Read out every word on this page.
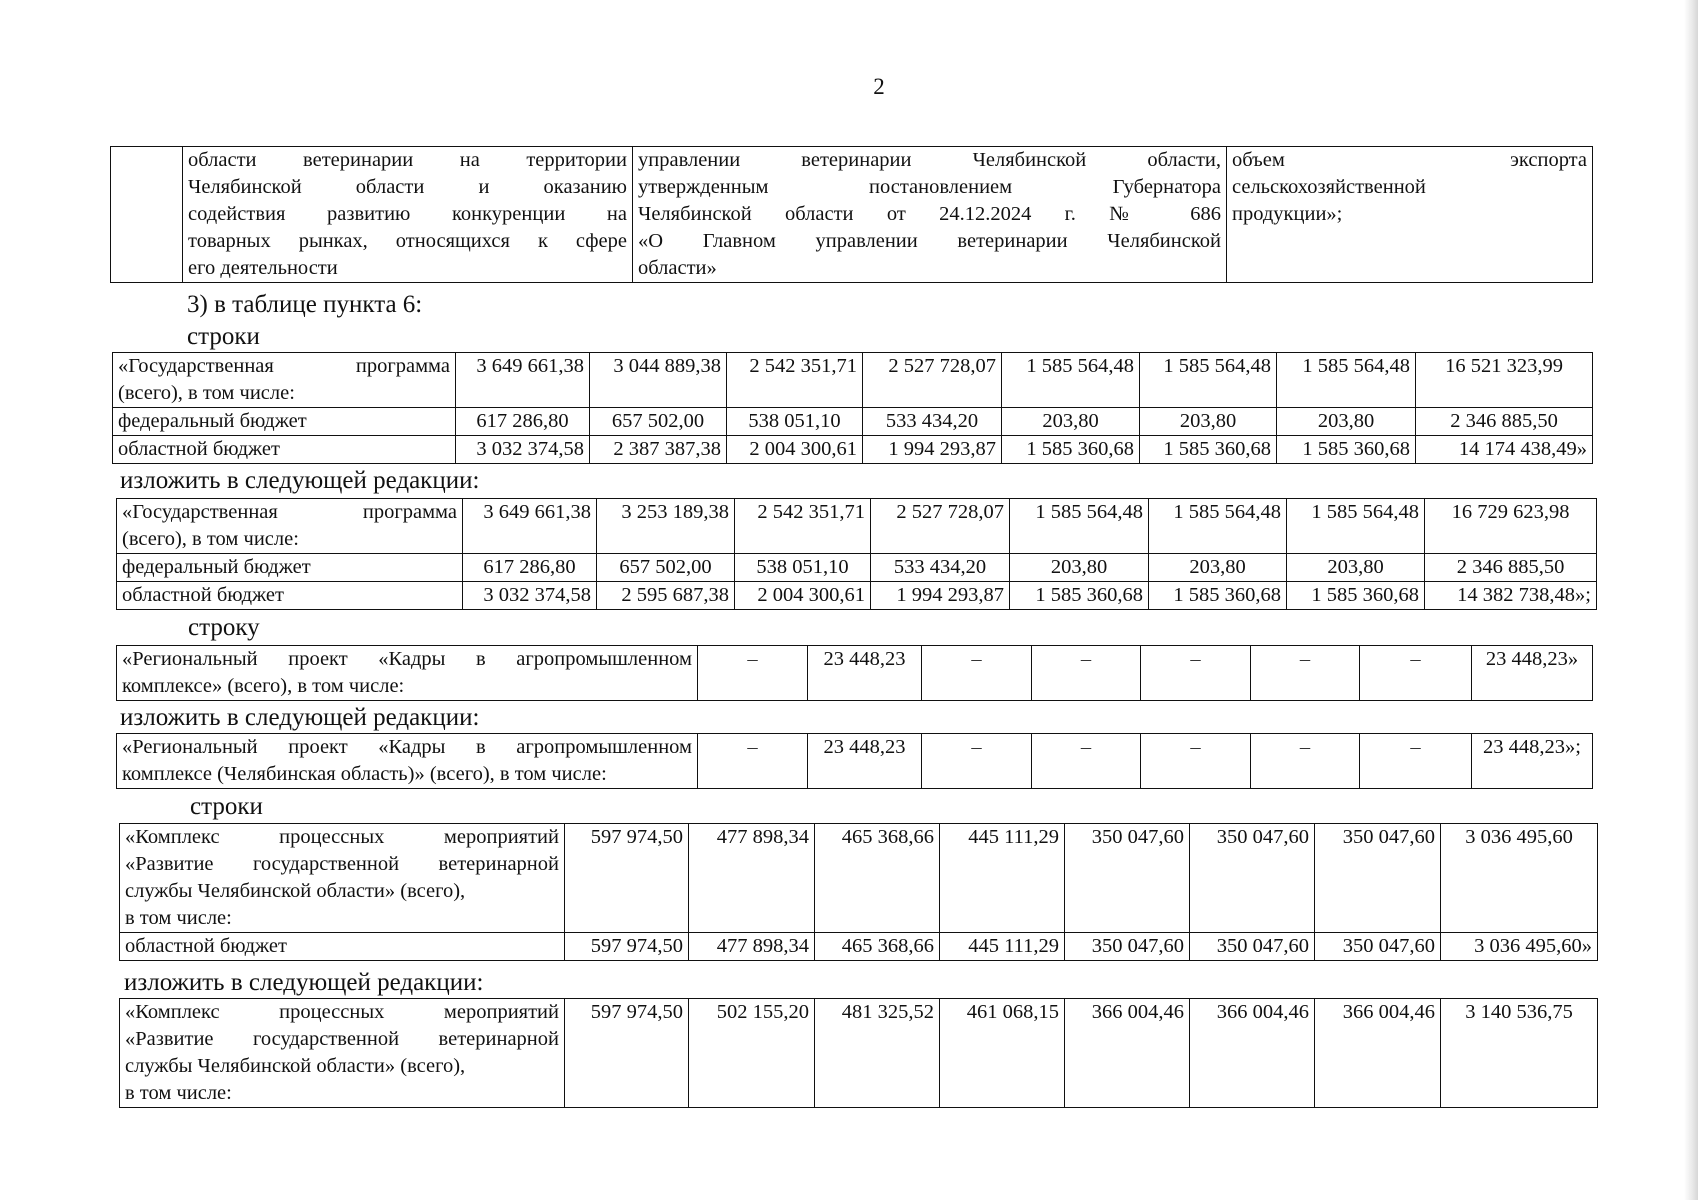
2

области ветеринарии на территории
Челябинской области и оказанию
содействия развитию конкуренции на
товарных рынках, относящихся к сфере
его деятельности

управлении ветеринарии Челябинской области,
утвержденным постановлением Губернатора
Челябинской области от 24.12.2024 г. № 686
«О Главном управлении ветеринарии Челябинской
области»

объем экспорта
сельскохозяйственной
продукции»;
3) в таблице пункта 6:
строки
«Государственная программа
(всего), в том числе:	3 649 661,38	3 044 889,38	2 542 351,71	2 527 728,07	1 585 564,48	1 585 564,48	1 585 564,48	16 521 323,99
федеральный бюджет	617 286,80	657 502,00	538 051,10	533 434,20	203,80	203,80	203,80	2 346 885,50
областной бюджет	3 032 374,58	2 387 387,38	2 004 300,61	1 994 293,87	1 585 360,68	1 585 360,68	1 585 360,68	14 174 438,49»
изложить в следующей редакции:
«Государственная программа
(всего), в том числе:	3 649 661,38	3 253 189,38	2 542 351,71	2 527 728,07	1 585 564,48	1 585 564,48	1 585 564,48	16 729 623,98
федеральный бюджет	617 286,80	657 502,00	538 051,10	533 434,20	203,80	203,80	203,80	2 346 885,50
областной бюджет	3 032 374,58	2 595 687,38	2 004 300,61	1 994 293,87	1 585 360,68	1 585 360,68	1 585 360,68	14 382 738,48»;
строку
«Региональный проект «Кадры в агропромышленном
комплексе» (всего), в том числе:
	–	23 448,23	–	–	–	–	–	23 448,23»
изложить в следующей редакции:
«Региональный проект «Кадры в агропромышленном
комплексе (Челябинская область)» (всего), в том числе:
	–	23 448,23	–	–	–	–	–	23 448,23»;
строки
«Комплекс процессных мероприятий
«Развитие государственной ветеринарной
службы Челябинской области» (всего),
в том числе:	597 974,50	477 898,34	465 368,66	445 111,29	350 047,60	350 047,60	350 047,60	3 036 495,60
областной бюджет	597 974,50	477 898,34	465 368,66	445 111,29	350 047,60	350 047,60	350 047,60	3 036 495,60»
изложить в следующей редакции:
«Комплекс процессных мероприятий
«Развитие государственной ветеринарной
службы Челябинской области» (всего),
в том числе:
	597 974,50	502 155,20	481 325,52	461 068,15	366 004,46	366 004,46	366 004,46	3 140 536,75
